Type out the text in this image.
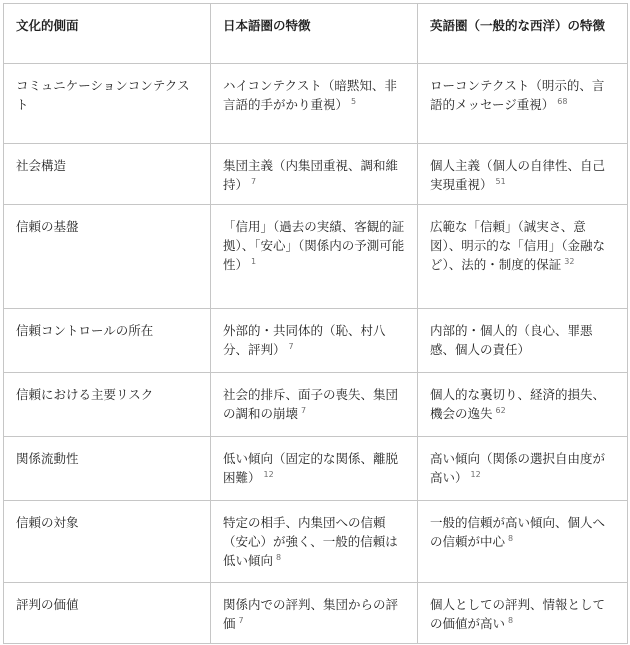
文化的側面	日本語圏の特徴	英語圏（一般的な西洋）の特徴
コミュニケーションコンテクスト	ハイコンテクスト（暗黙知、非言語的手がかり重視） $^5$	ローコンテクスト（明示的、言語的メッセージ重視） $^{68}$
社会構造	集団主義（内集団重視、調和維持） $^7$	個人主義（個人の自律性、自己実現重視） $^{51}$
信頼の基盤	「信用」（過去の実績、客観的証拠）、「安心」（関係内の予測可能性） $^1$	広範な「信頼」（誠実さ、意図）、明示的な「信用」（金融など）、法的・制度的保証 $^{32}$
信頼コントロールの所在	外部的・共同体的（恥、村八分、評判） $^7$	内部的・個人的（良心、罪悪感、個人の責任）
信頼における主要リスク	社会的排斥、面子の喪失、集団の調和の崩壊 $^7$	個人的な裏切り、経済的損失、機会の逸失 $^{62}$
関係流動性	低い傾向（固定的な関係、離脱困難） $^{12}$	高い傾向（関係の選択自由度が高い） $^{12}$
信頼の対象	特定の相手、内集団への信頼（安心）が強く、一般的信頼は低い傾向 $^8$	一般的信頼が高い傾向、個人への信頼が中心 $^8$
評判の価値	関係内での評判、集団からの評価 $^7$	個人としての評判、情報としての価値が高い $^8$
